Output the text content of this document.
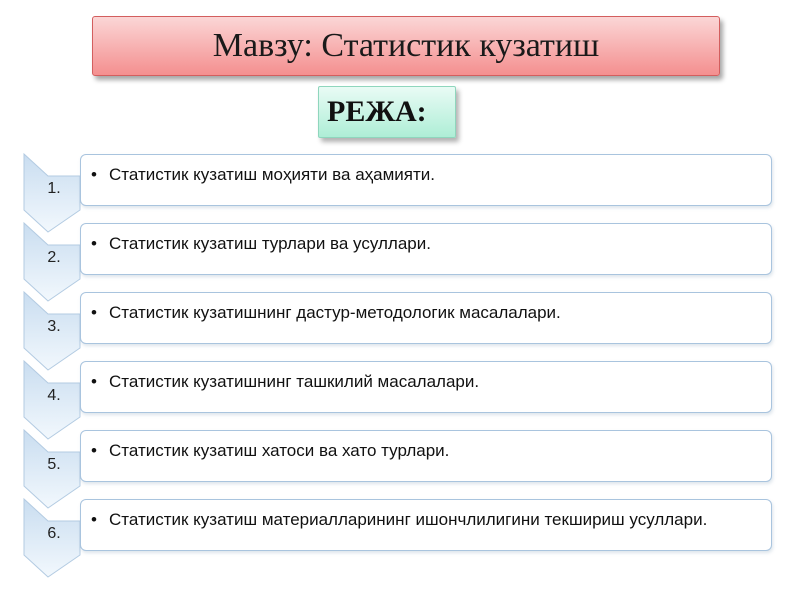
Мавзу: Статистик кузатиш
РЕЖА:
1.
• Статистик кузатиш моҳияти ва аҳамияти.
2.
• Статистик кузатиш турлари ва усуллари.
3.
• Статистик кузатишнинг дастур-методологик масалалари.
4.
• Статистик кузатишнинг ташкилий масалалари.
5.
• Статистик кузатиш хатоси ва хато турлари.
6.
• Статистик кузатиш материалларининг ишончлилигини текшириш усуллари.
